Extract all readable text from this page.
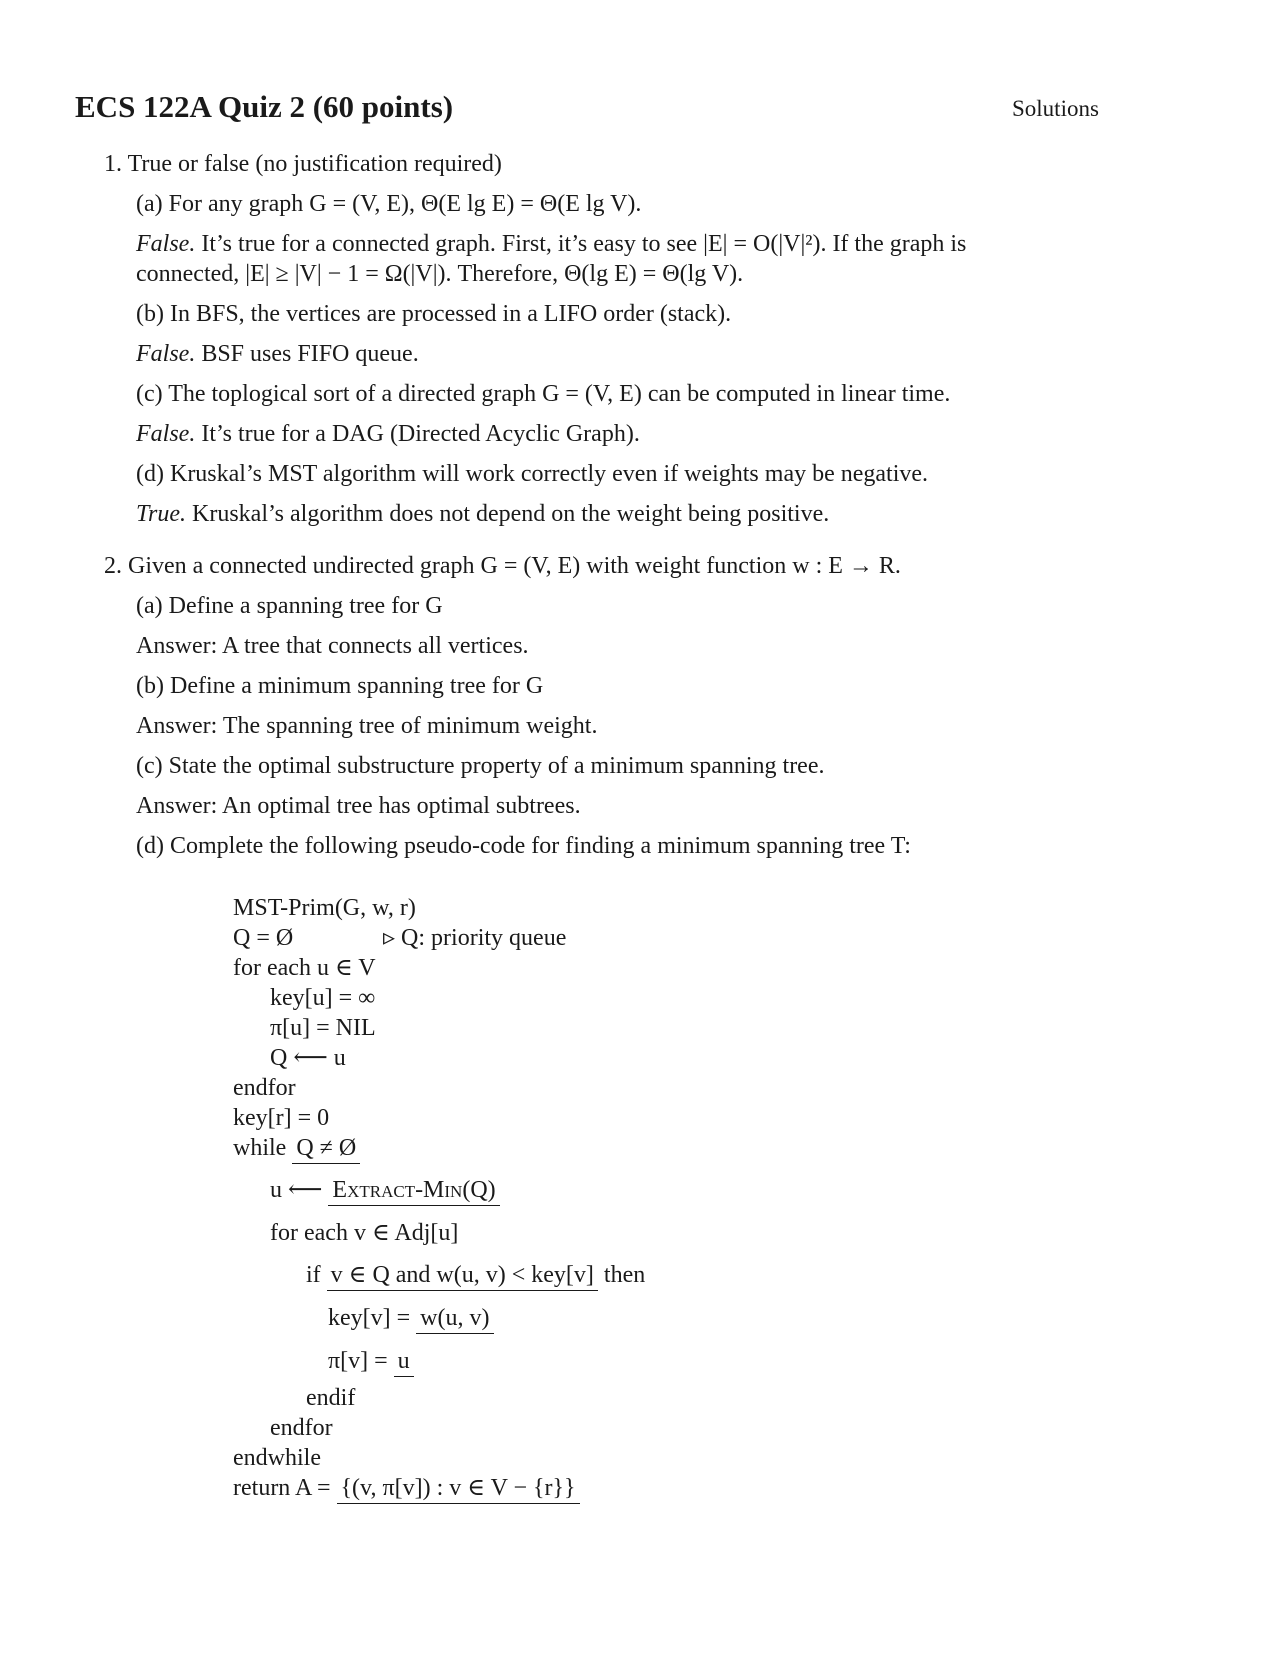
ECS 122A Quiz 2 (60 points)	Solutions
1. True or false (no justification required)
(a) For any graph G = (V, E), Θ(E lg E) = Θ(E lg V).
False. It’s true for a connected graph. First, it’s easy to see |E| = O(|V|²). If the graph is
connected, |E| ≥ |V| − 1 = Ω(|V|). Therefore, Θ(lg E) = Θ(lg V).
(b) In BFS, the vertices are processed in a LIFO order (stack).
False. BSF uses FIFO queue.
(c) The toplogical sort of a directed graph G = (V, E) can be computed in linear time.
False. It’s true for a DAG (Directed Acyclic Graph).
(d) Kruskal’s MST algorithm will work correctly even if weights may be negative.
True. Kruskal’s algorithm does not depend on the weight being positive.
2. Given a connected undirected graph G = (V, E) with weight function w : E → R.
(a) Define a spanning tree for G
Answer: A tree that connects all vertices.
(b) Define a minimum spanning tree for G
Answer: The spanning tree of minimum weight.
(c) State the optimal substructure property of a minimum spanning tree.
Answer: An optimal tree has optimal subtrees.
(d) Complete the following pseudo-code for finding a minimum spanning tree T:
MST-Prim(G, w, r)
Q = Ø	▹ Q: priority queue
for each u ∈ V
key[u] = ∞
π[u] = NIL
Q ⟵ u
endfor
key[r] = 0
while Q ≠ Ø
u ⟵ Extract-Min(Q)
for each v ∈ Adj[u]
if v ∈ Q and w(u, v) < key[v] then
key[v] = w(u, v)
π[v] = u
endif
endfor
endwhile
return A = {(v, π[v]) : v ∈ V − {r}}
